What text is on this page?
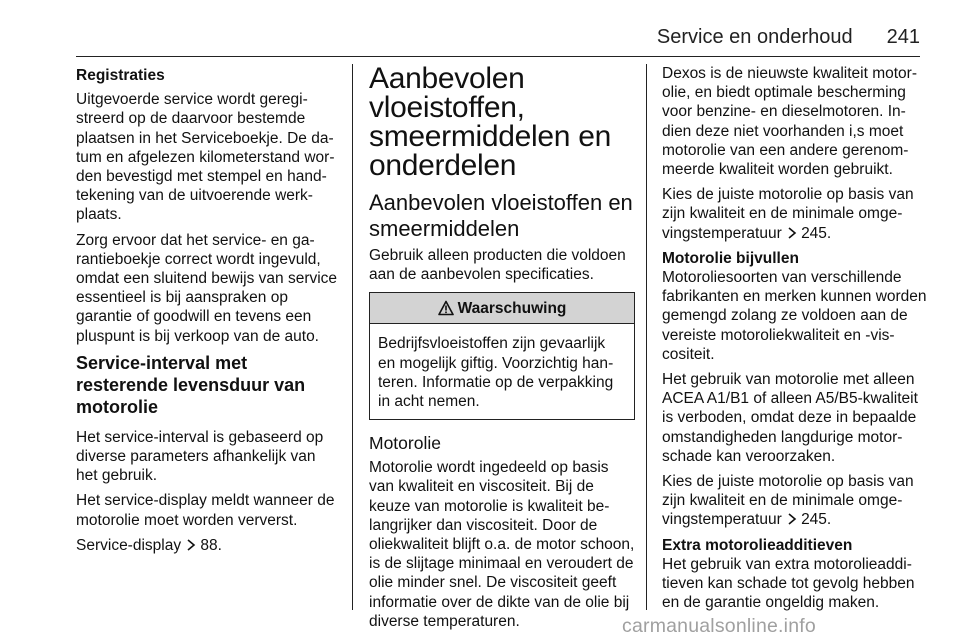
Service en onderhoud 241

Registraties

Uitgevoerde service wordt geregistreerd op de daarvoor bestemde plaatsen in het Serviceboekje. De datum en afgelezen kilometerstand worden bevestigd met stempel en handtekening van de uitvoerende werkplaats.

Zorg ervoor dat het service- en garantieboekje correct wordt ingevuld, omdat een sluitend bewijs van service essentieel is bij aanspraken op garantie of goodwill en tevens een pluspunt is bij verkoop van de auto.

Service-interval met resterende levensduur van motorolie

Het service-interval is gebaseerd op diverse parameters afhankelijk van het gebruik.

Het service-display meldt wanneer de motorolie moet worden ververst.

Service-display 88.

Aanbevolen vloeistoffen, smeermiddelen en onderdelen
Aanbevolen vloeistoffen en smeermiddelen

Gebruik alleen producten die voldoen aan de aanbevolen specificaties.

Waarschuwing
Bedrijfsvloeistoffen zijn gevaarlijk en mogelijk giftig. Voorzichtig hanteren. Informatie op de verpakking in acht nemen.
Motorolie

Motorolie wordt ingedeeld op basis van kwaliteit en viscositeit. Bij de keuze van motorolie is kwaliteit belangrijker dan viscositeit. Door de oliekwaliteit blijft o.a. de motor schoon, is de slijtage minimaal en veroudert de olie minder snel. De viscositeit geeft informatie over de dikte van de olie bij diverse temperaturen.

Dexos is de nieuwste kwaliteit motorolie, en biedt optimale bescherming voor benzine- en dieselmotoren. Indien deze niet voorhanden i,s moet motorolie van een andere gerenommeerde kwaliteit worden gebruikt.

Kies de juiste motorolie op basis van zijn kwaliteit en de minimale omgevingstemperatuur 245.

Motorolie bijvullen

Motoroliesoorten van verschillende fabrikanten en merken kunnen worden gemengd zolang ze voldoen aan de vereiste motoroliekwaliteit en -viscositeit.

Het gebruik van motorolie met alleen ACEA A1/B1 of alleen A5/B5-kwaliteit is verboden, omdat deze in bepaalde omstandigheden langdurige motorschade kan veroorzaken.

Kies de juiste motorolie op basis van zijn kwaliteit en de minimale omgevingstemperatuur 245.

Extra motorolieadditieven

Het gebruik van extra motorolieadditieven kan schade tot gevolg hebben en de garantie ongeldig maken.

carmanualsonline.info
